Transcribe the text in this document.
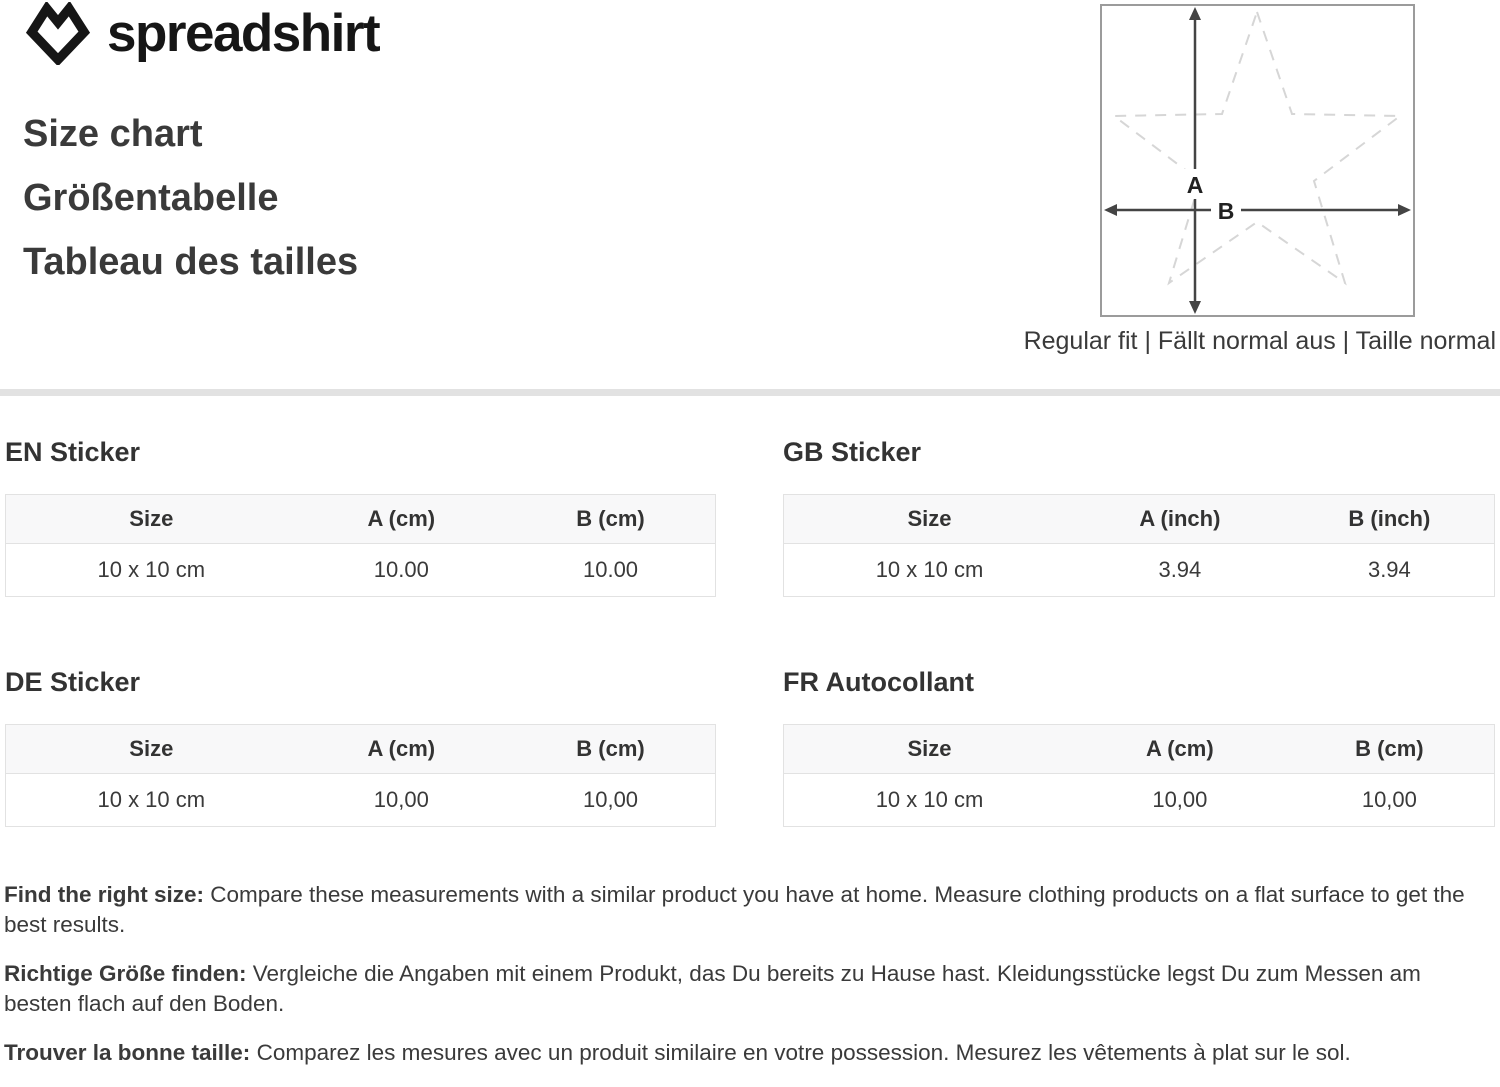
spreadshirt
Size chart
Größentabelle
Tableau des tailles
A
B
Regular fit | Fällt normal aus | Taille normal
EN Sticker
Size	A (cm)	B (cm)
10 x 10 cm	10.00	10.00
GB Sticker
Size	A (inch)	B (inch)
10 x 10 cm	3.94	3.94
DE Sticker
Size	A (cm)	B (cm)
10 x 10 cm	10,00	10,00
FR Autocollant
Size	A (cm)	B (cm)
10 x 10 cm	10,00	10,00

Find the right size: Compare these measurements with a similar product you have at home. Measure clothing products on a flat surface to get the best results.

Richtige Größe finden: Vergleiche die Angaben mit einem Produkt, das Du bereits zu Hause hast. Kleidungsstücke legst Du zum Messen am besten flach auf den Boden.

Trouver la bonne taille: Comparez les mesures avec un produit similaire en votre possession. Mesurez les vêtements à plat sur le sol.
